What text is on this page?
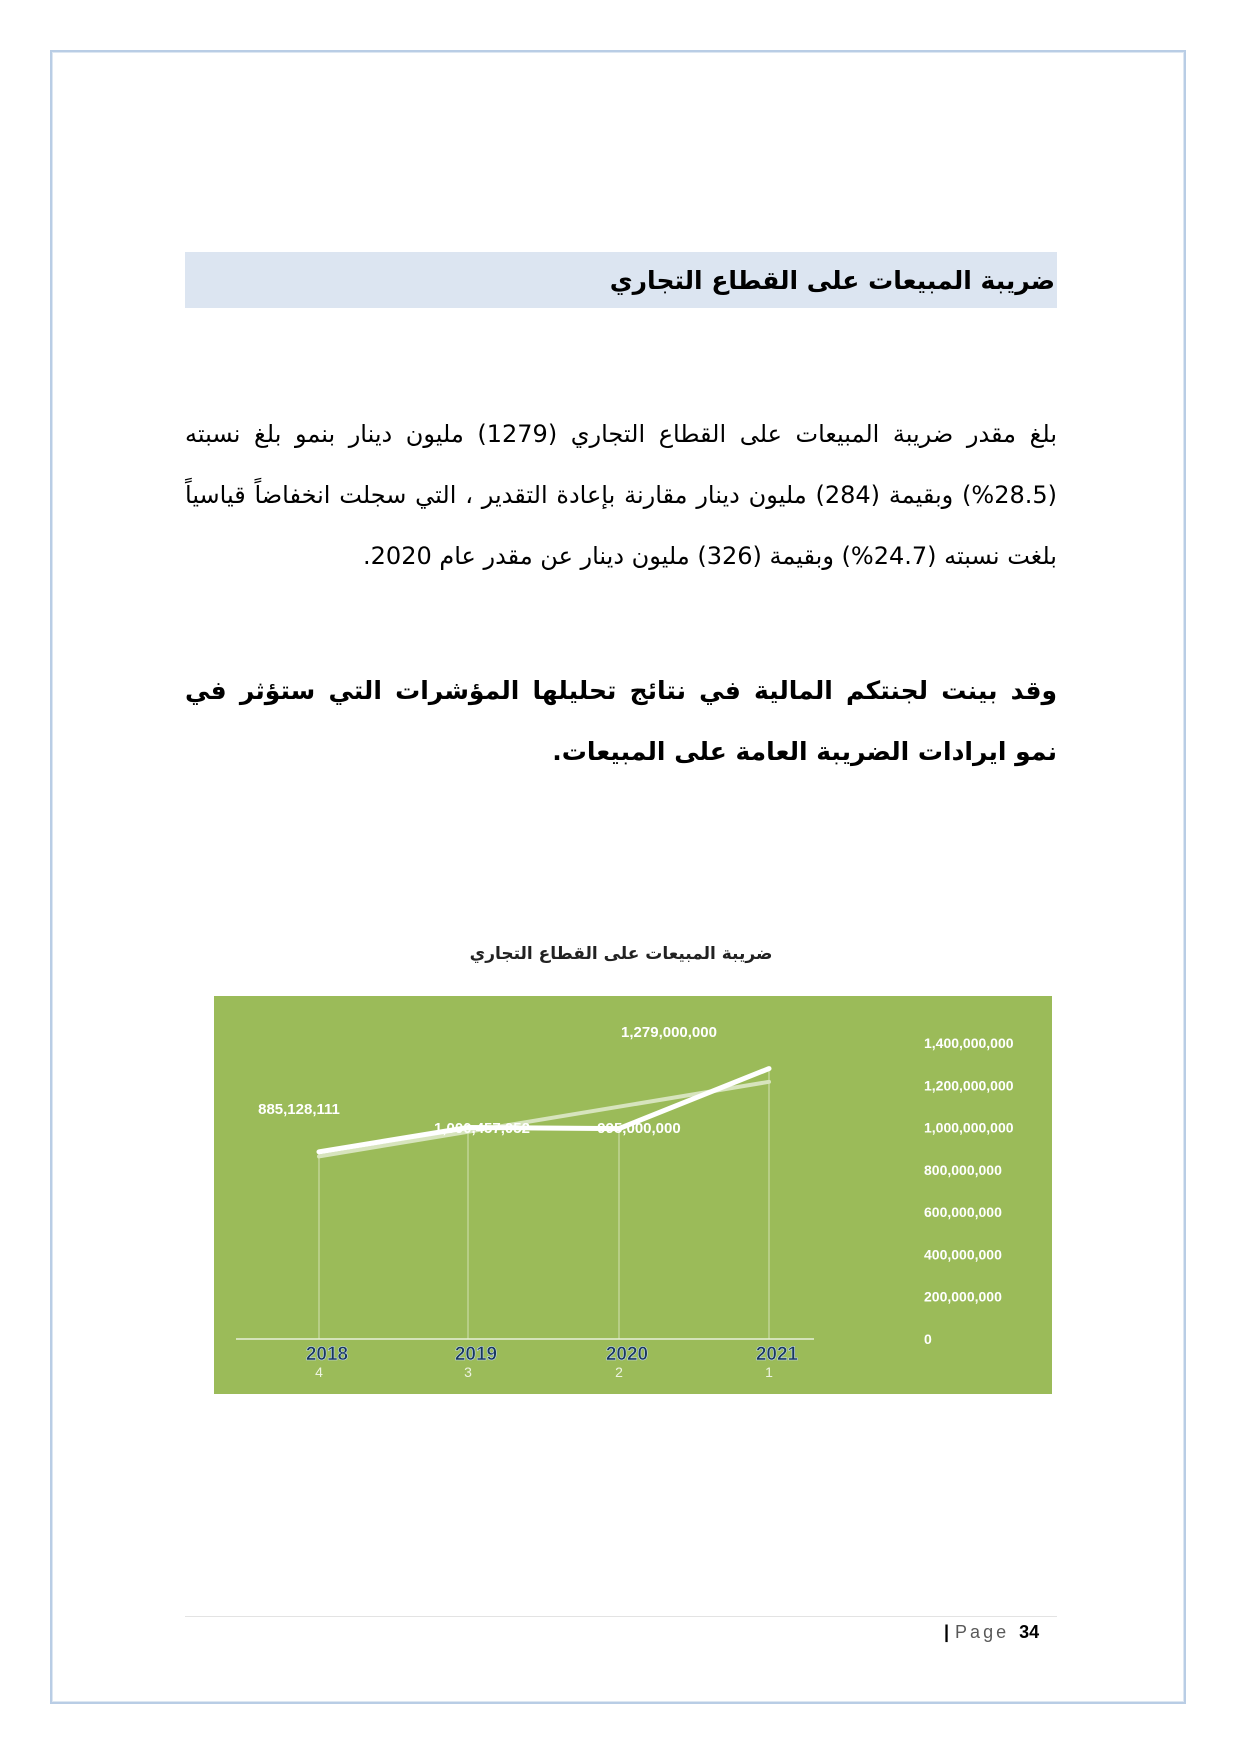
ضريبة المبيعات على القطاع التجاري

بلغ مقدر ضريبة المبيعات على القطاع التجاري (1279) مليون دينار بنمو بلغ نسبته (28.5%) وبقيمة (284) مليون دينار مقارنة بإعادة التقدير ، التي سجلت انخفاضاً قياسياً بلغت نسبته (24.7%) وبقيمة (326) مليون دينار عن مقدر عام 2020.

وقد بينت لجنتكم المالية في نتائج تحليلها المؤشرات التي ستؤثر في نمو ايرادات الضريبة العامة على المبيعات.

ضريبة المبيعات على القطاع التجاري
885,128,111
1,000,457,052	995,000,000
1,279,000,000
2018
4
2019
3
2020
2
2021
1
0
200,000,000
400,000,000
600,000,000
800,000,000
1,000,000,000
1,200,000,000
1,400,000,000
| Page 34
